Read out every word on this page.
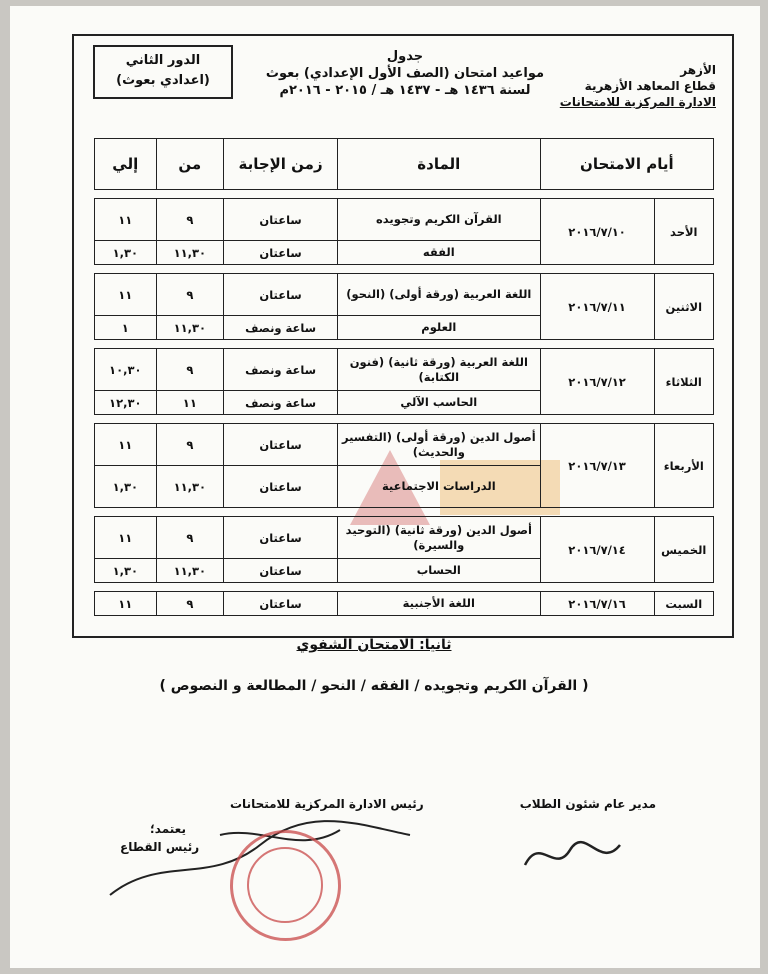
الأزهر
قطاع المعاهد الأزهرية
الادارة المركزية للامتحانات
جدول
مواعيد امتحان (الصف الأول الإعدادي) بعوث
لسنة ١٤٣٦ هـ - ١٤٣٧ هـ / ٢٠١٥ - ٢٠١٦م
الدور الثاني
(اعدادي بعوث)
أيام الامتحان		المادة	زمن الإجابة	من	إلي

الأحد	٢٠١٦/٧/١٠	القرآن الكريم وتجويده	ساعتان	٩	١١
		الفقه	ساعتان	١١,٣٠	١,٣٠

الاثنين	٢٠١٦/٧/١١	اللغة العربية (ورقة أولى) (النحو)	ساعتان	٩	١١
		العلوم	ساعة ونصف	١١,٣٠	١

الثلاثاء	٢٠١٦/٧/١٢	اللغة العربية (ورقة ثانية) (فنون الكتابة)	ساعة ونصف	٩	١٠,٣٠
		الحاسب الآلي	ساعة ونصف	١١	١٢,٣٠

الأربعاء	٢٠١٦/٧/١٣	أصول الدين (ورقة أولى) (التفسير والحديث)	ساعتان	٩	١١
		الدراسات الاجتماعية	ساعتان	١١,٣٠	١,٣٠

الخميس	٢٠١٦/٧/١٤	أصول الدين (ورقة ثانية) (التوحيد والسيرة)	ساعتان	٩	١١
		الحساب	ساعتان	١١,٣٠	١,٣٠

السبت	٢٠١٦/٧/١٦	اللغة الأجنبية	ساعتان	٩	١١
ثانيا: الامتحان الشفوي
( القرآن الكريم وتجويده / الفقه / النحو / المطالعة و النصوص )
مدير عام شئون الطلاب
رئيس الادارة المركزية للامتحانات
يعتمد؛
رئيس القطاع
